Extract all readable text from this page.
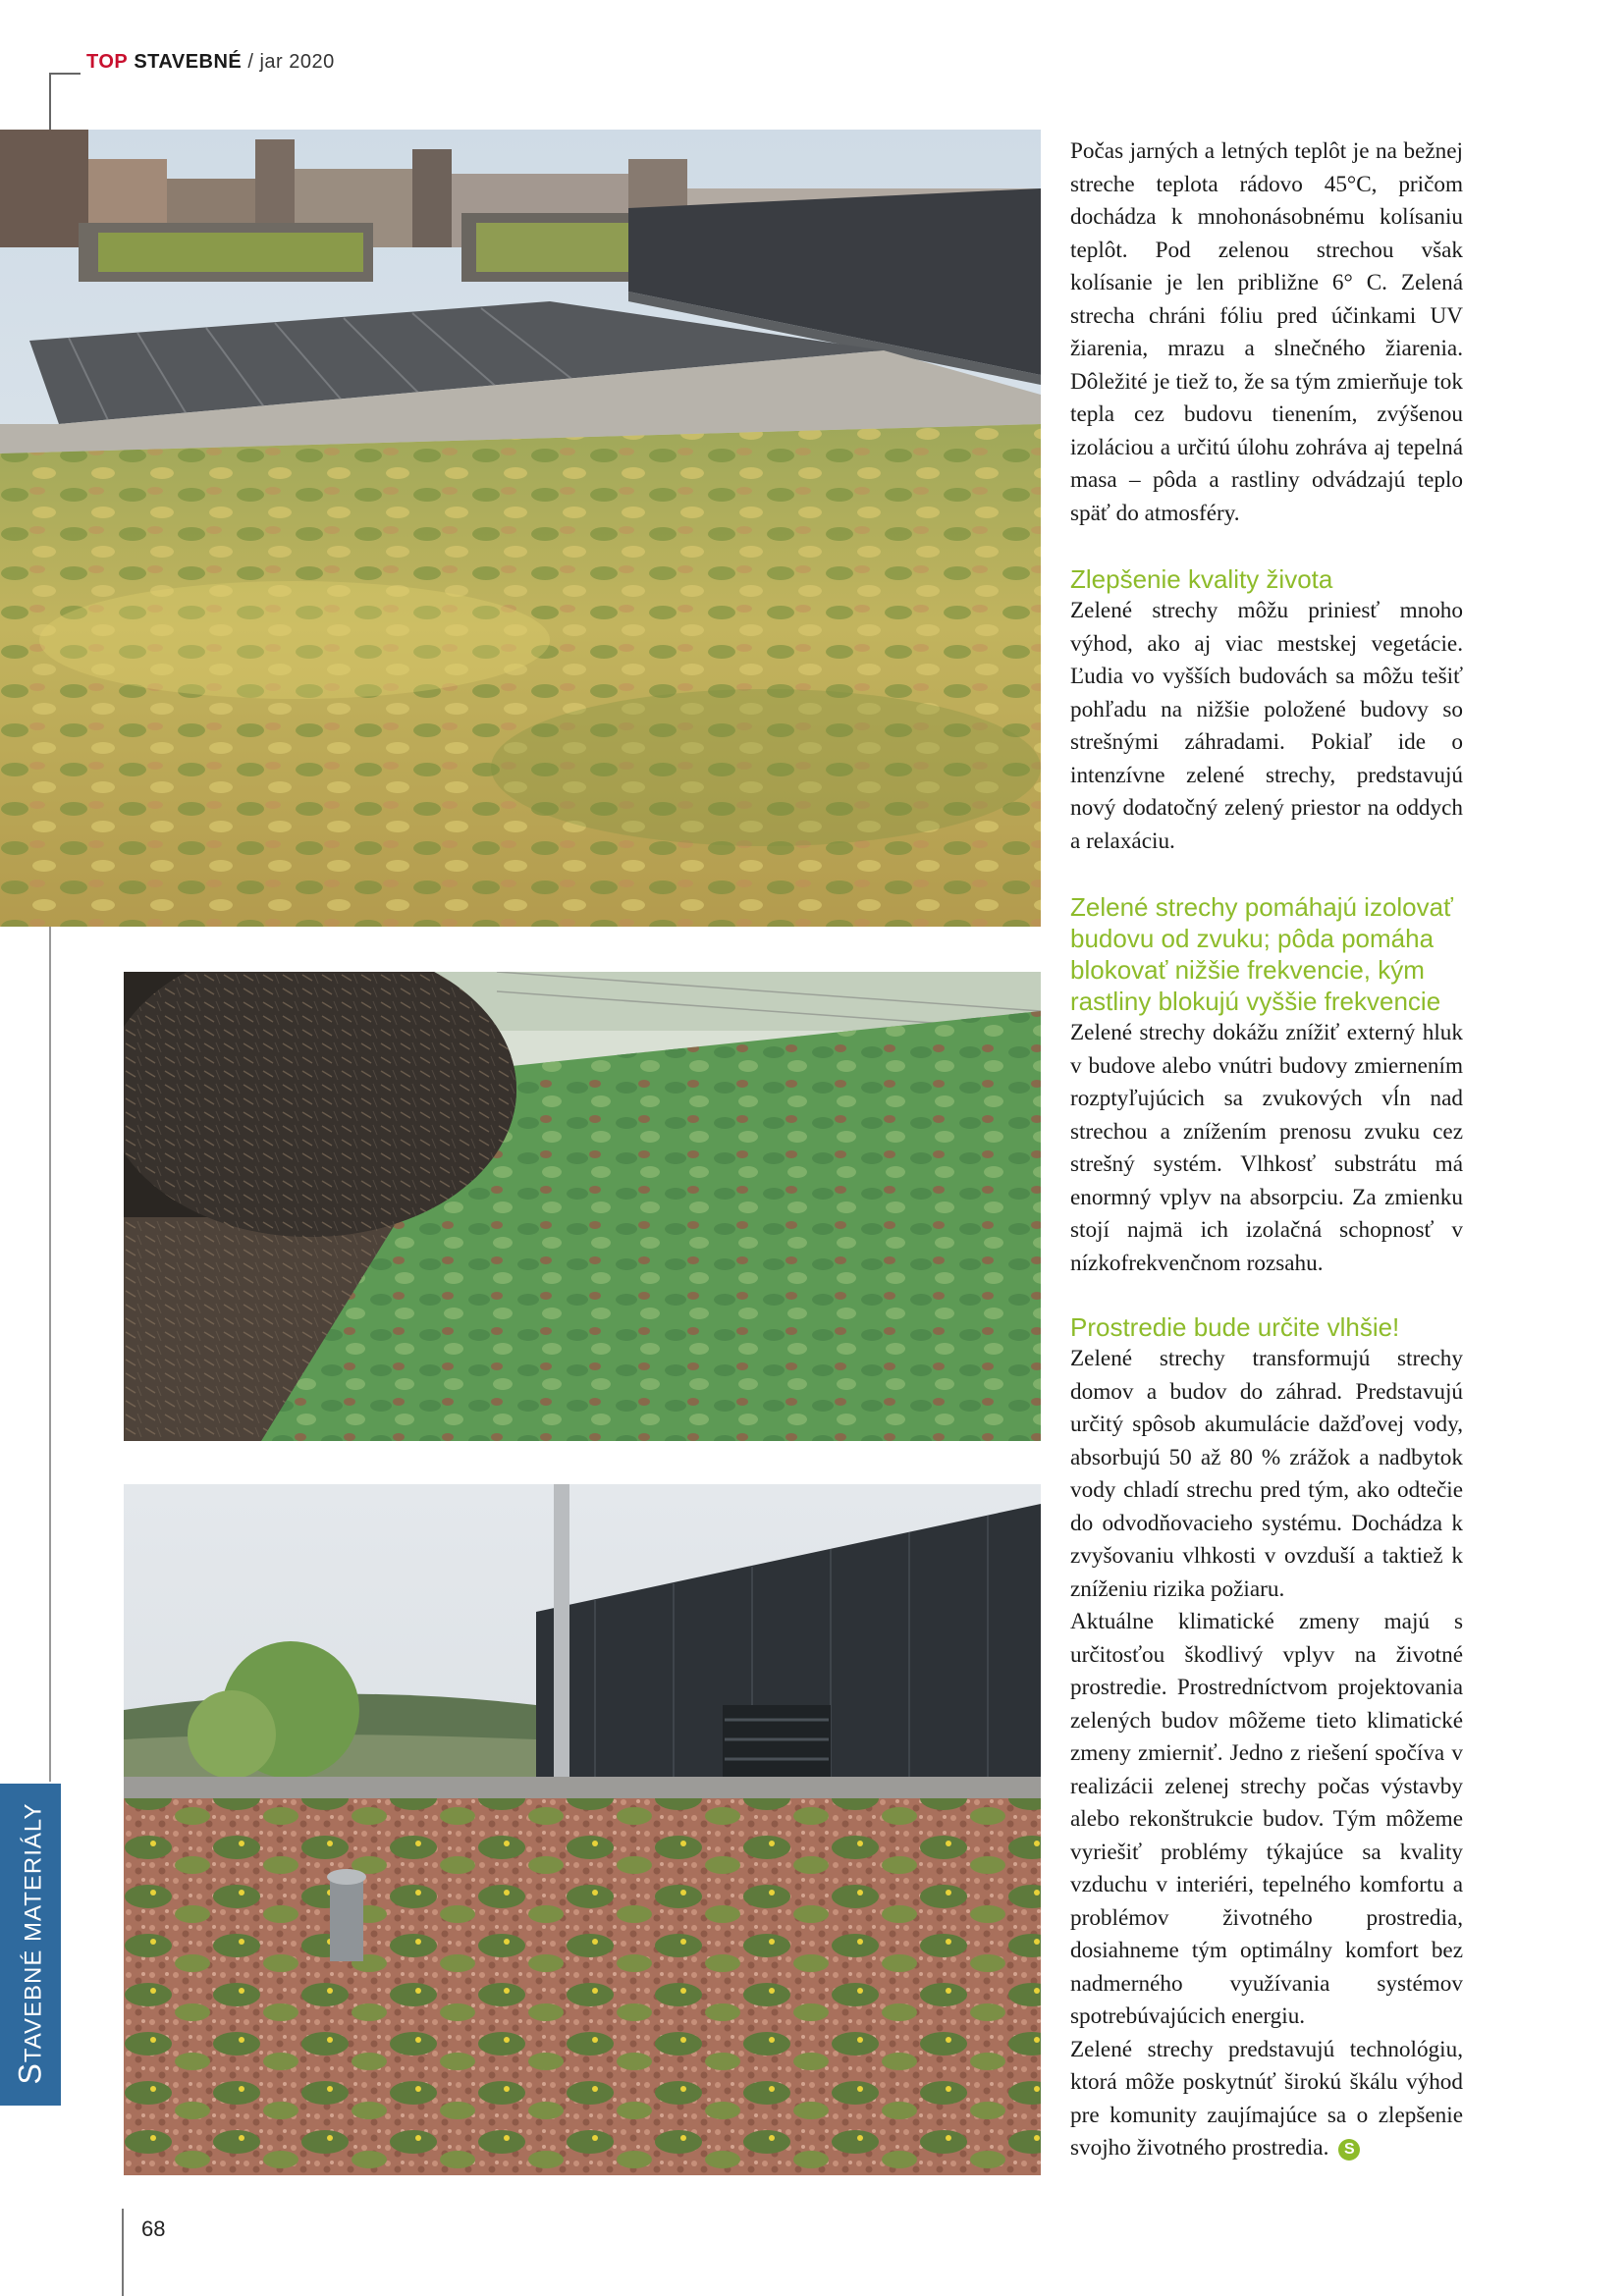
TOP STAVEBNÉ / jar 2020
STAVEBNÉ MATERIÁLY

Počas jarných a letných teplôt je na bežnej streche teplota rádovo 45°C, pričom dochádza k mnohonásobnému kolísaniu teplôt. Pod zelenou strechou však kolísanie je len približne 6° C. Zelená strecha chráni fóliu pred účinkami UV žiarenia, mrazu a slnečného žiarenia. Dôležité je tiež to, že sa tým zmierňuje tok tepla cez budovu tienením, zvýšenou izoláciou a určitú úlohu zohráva aj tepelná masa – pôda a rastliny odvádzajú teplo späť do atmosféry.

Zlepšenie kvality života

Zelené strechy môžu priniesť mnoho výhod, ako aj viac mestskej vegetácie. Ľudia vo vyšších budovách sa môžu tešiť pohľadu na nižšie položené budovy so strešnými záhradami. Pokiaľ ide o intenzívne zelené strechy, predstavujú nový dodatočný zelený priestor na oddych a relaxáciu.

Zelené strechy pomáhajú izolovať budovu od zvuku; pôda pomáha blokovať nižšie frekvencie, kým rastliny blokujú vyššie frekvencie

Zelené strechy dokážu znížiť externý hluk v budove alebo vnútri budovy zmiernením rozptyľujúcich sa zvukových vĺn nad strechou a znížením prenosu zvuku cez strešný systém. Vlhkosť substrátu má enormný vplyv na absorpciu. Za zmienku stojí najmä ich izolačná schopnosť v nízkofrekvenčnom rozsahu.

Prostredie bude určite vlhšie!

Zelené strechy transformujú strechy domov a budov do záhrad. Predstavujú určitý spôsob akumulácie dažďovej vody, absorbujú 50 až 80 % zrážok a nadbytok vody chladí strechu pred tým, ako odtečie do odvodňovacieho systému. Dochádza k zvyšovaniu vlhkosti v ovzduší a taktiež k zníženiu rizika požiaru.

Aktuálne klimatické zmeny majú s určitosťou škodlivý vplyv na životné prostredie. Prostredníctvom projektovania zelených budov môžeme tieto klimatické zmeny zmierniť. Jedno z riešení spočíva v realizácii zelenej strechy počas výstavby alebo rekonštrukcie budov. Tým môžeme vyriešiť problémy týkajúce sa kvality vzduchu v interiéri, tepelného komfortu a problémov životného prostredia, dosiahneme tým optimálny komfort bez nadmerného využívania systémov spotrebúvajúcich energiu.

Zelené strechy predstavujú technológiu, ktorá môže poskytnúť širokú škálu výhod pre komunity zaujímajúce sa o zlepšenie svojho životného prostredia. S

68
